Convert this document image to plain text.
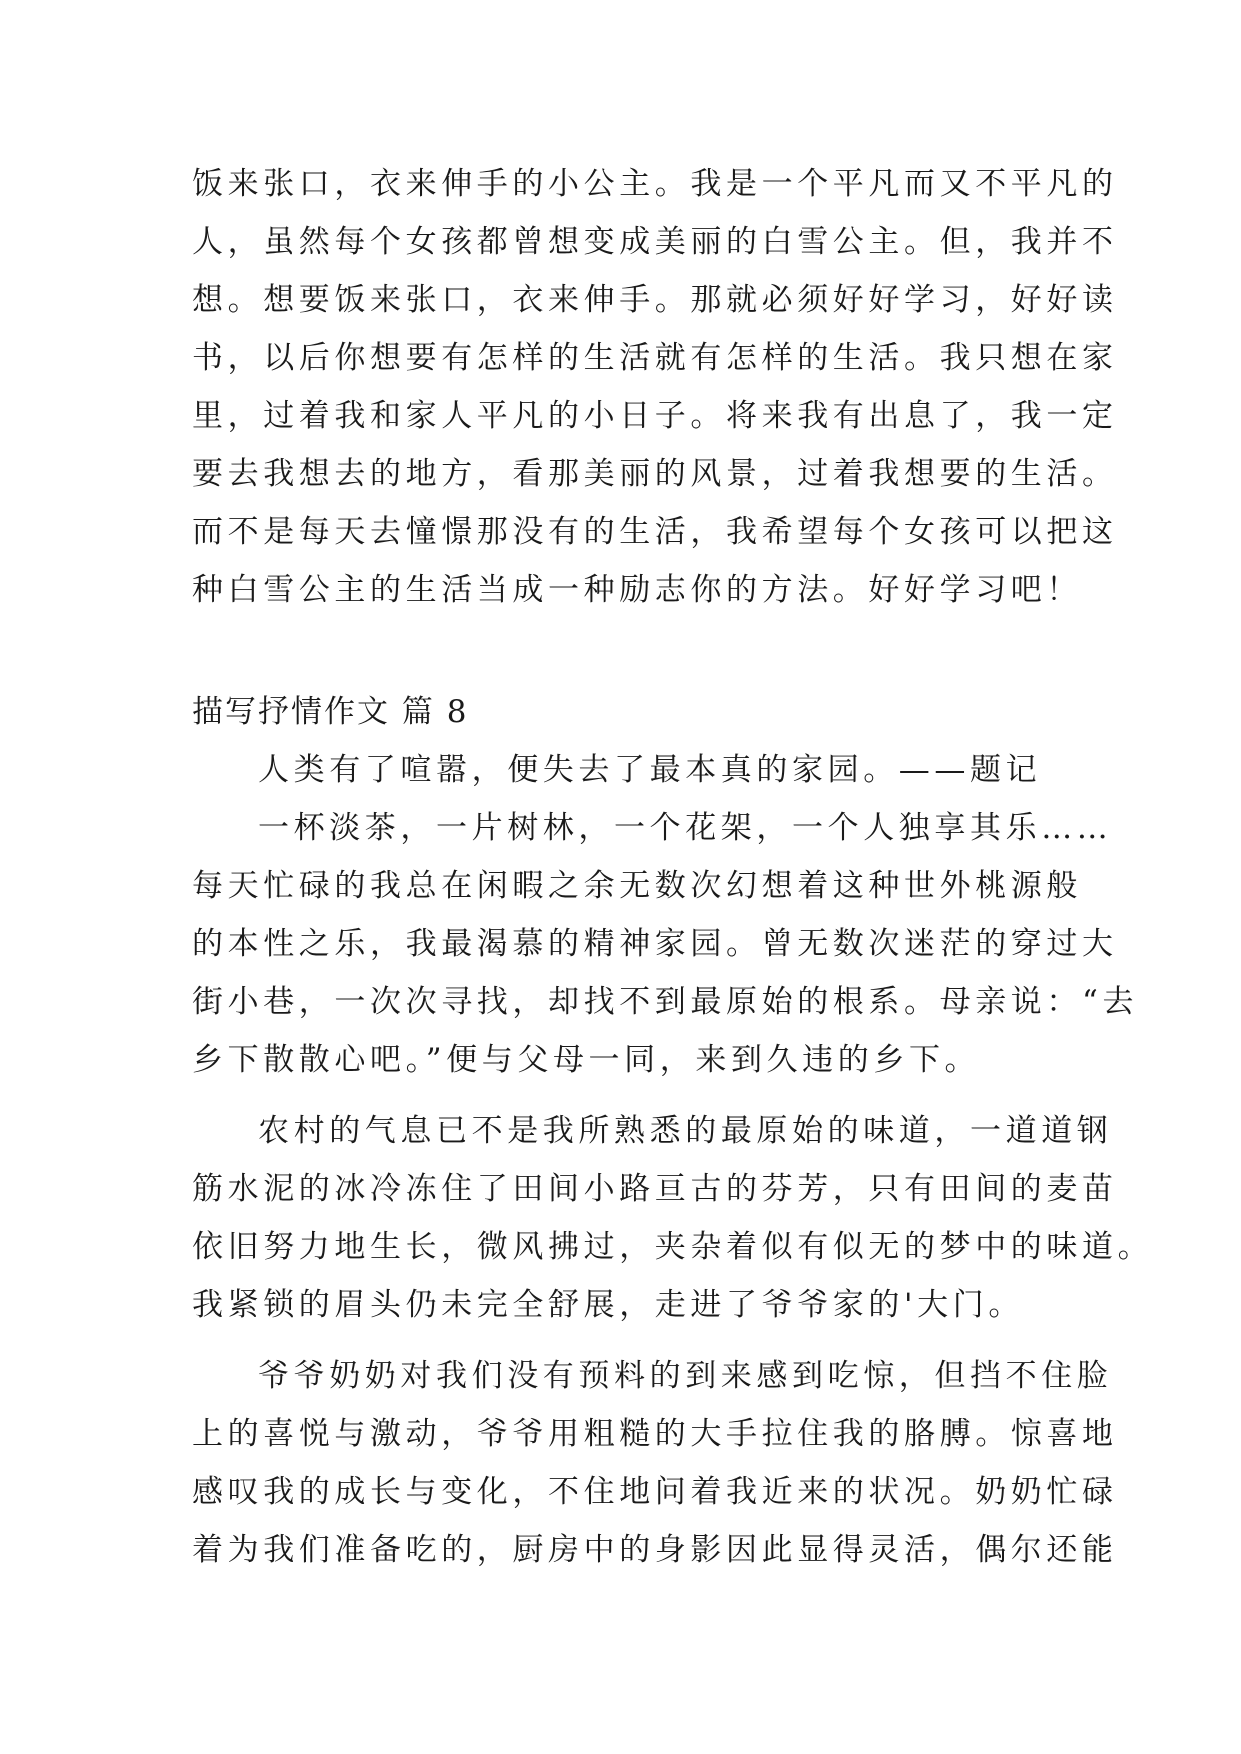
饭来张口，衣来伸手的小公主。我是一个平凡而又不平凡的
人，虽然每个女孩都曾想变成美丽的白雪公主。但，我并不
想。想要饭来张口，衣来伸手。那就必须好好学习，好好读
书，以后你想要有怎样的生活就有怎样的生活。我只想在家
里，过着我和家人平凡的小日子。将来我有出息了，我一定
要去我想去的地方，看那美丽的风景，过着我想要的生活。
而不是每天去憧憬那没有的生活，我希望每个女孩可以把这
种白雪公主的生活当成一种励志你的方法。好好学习吧！
描写抒情作文 篇 8
人类有了喧嚣，便失去了最本真的家园。——题记
一杯淡茶，一片树林，一个花架，一个人独享其乐……
每天忙碌的我总在闲暇之余无数次幻想着这种世外桃源般
的本性之乐，我最渴慕的精神家园。曾无数次迷茫的穿过大
街小巷，一次次寻找，却找不到最原始的根系。母亲说：“去
乡下散散心吧。”便与父母一同，来到久违的乡下。
农村的气息已不是我所熟悉的最原始的味道，一道道钢
筋水泥的冰冷冻住了田间小路亘古的芬芳，只有田间的麦苗
依旧努力地生长，微风拂过，夹杂着似有似无的梦中的味道。
我紧锁的眉头仍未完全舒展，走进了爷爷家的'大门。
爷爷奶奶对我们没有预料的到来感到吃惊，但挡不住脸
上的喜悦与激动，爷爷用粗糙的大手拉住我的胳膊。惊喜地
感叹我的成长与变化，不住地问着我近来的状况。奶奶忙碌
着为我们准备吃的，厨房中的身影因此显得灵活，偶尔还能
